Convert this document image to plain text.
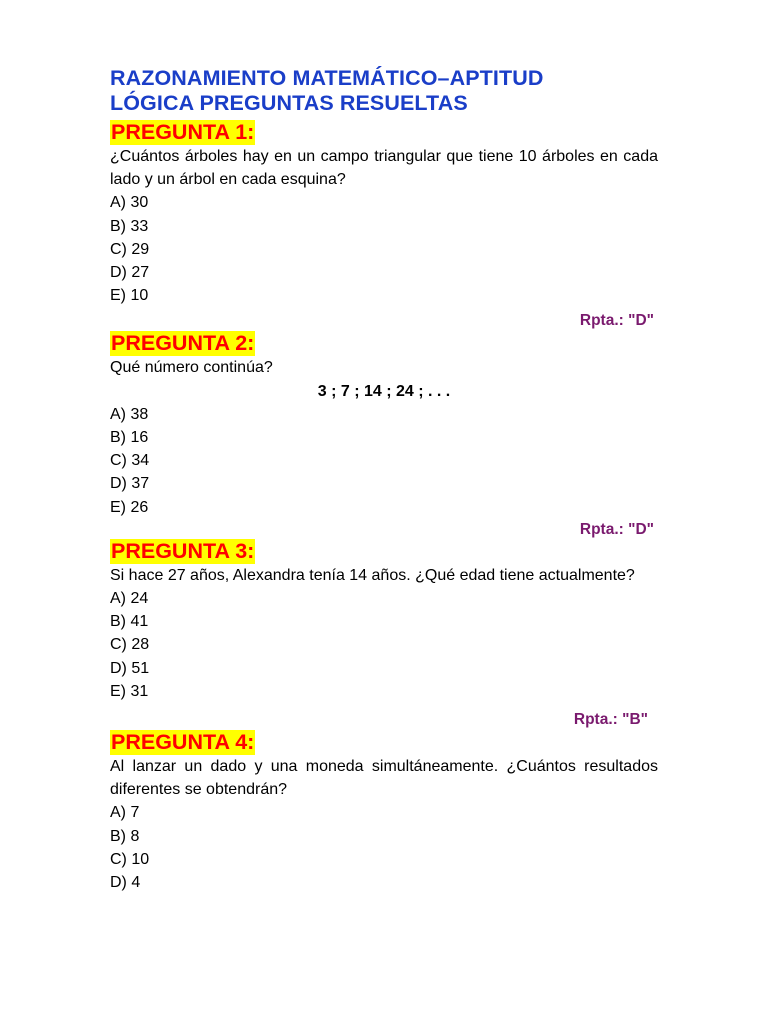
RAZONAMIENTO MATEMÁTICO–APTITUD
LÓGICA PREGUNTAS RESUELTAS
PREGUNTA 1:

¿Cuántos árboles hay en un campo triangular que tiene 10 árboles en cada lado y un árbol en cada esquina?

A) 30
B) 33
C) 29
D) 27
E) 10

Rpta.: "D"

PREGUNTA 2:

Qué número continúa?

3 ; 7 ; 14 ; 24 ; . . .

A) 38
B) 16
C) 34
D) 37
E) 26

Rpta.: "D"

PREGUNTA 3:

Si hace 27 años, Alexandra tenía 14 años. ¿Qué edad tiene actualmente?

A) 24
B) 41
C) 28
D) 51
E) 31

Rpta.: "B"

PREGUNTA 4:

Al lanzar un dado y una moneda simultáneamente. ¿Cuántos resultados diferentes se obtendrán?

A) 7
B) 8
C) 10
D) 4
